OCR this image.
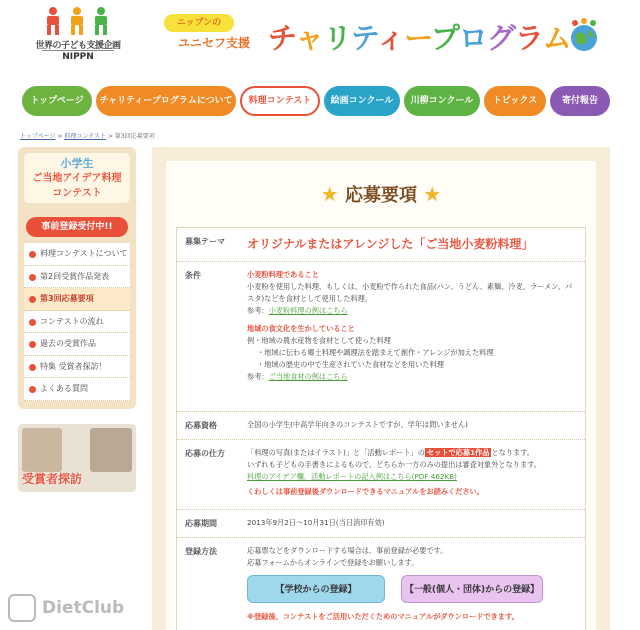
世界の子ども支援企画
NIPPN
ニップンの
ユニセフ支援 チャリティープログラム
トップページ	チャリティープログラムについて	料理コンテスト	絵画コンクール	川柳コンクール	トピックス	寄付報告
トップページ > 料理コンテスト > 第3回応募要項
小学生
ご当地アイデア料理
コンテスト
事前登録受付中!!
料理コンテストについて
第2回受賞作品発表
第3回応募要項
コンテストの流れ
過去の受賞作品
特集 受賞者探訪！
よくある質問
受賞者探訪
★ 応募要項 ★
募集テーマ	オリジナルまたはアレンジした「ご当地小麦粉料理」
条件	小麦粉料理であること
小麦粉を使用した料理、もしくは、小麦粉で作られた食品(パン、うどん、素麺、冷麦、ラーメン、パスタ)などを食材として使用した料理。
参考：小麦粉料理の例はこちら
地域の食文化を生かしていること
例・地域の農水産物を食材として使った料理
・地域に伝わる郷土料理や調理法を踏まえて創作・アレンジが加えた料理
・地域の歴史の中で生産されていた食材などを用いた料理
参考：ご当地食材の例はこちら
応募資格	全国の小学生(中高学年向きのコンテストですが、学年は問いません)
応募の仕方	「料理の写真(またはイラスト)」と「活動レポート」の セットで応募1作品 となります。
いずれも子どもの手書きによるもので、どちらか一方のみの提出は審査対象外となります。
料理のアイデア欄、活動レポートの記入例はこちら(PDF 462KB)
くわしくは事前登録後ダウンロードできるマニュアルをお読みください。
応募期間	2013年9月2日～10月31日(当日消印有効)
登録方法	応募票などをダウンロードする場合は、事前登録が必要です。
応募フォームからオンラインで登録をお願いします。
【学校からの登録】	【一般(個人・団体)からの登録】
※登録後、コンテストをご活用いただくためのマニュアルがダウンロードできます。
DietClub
